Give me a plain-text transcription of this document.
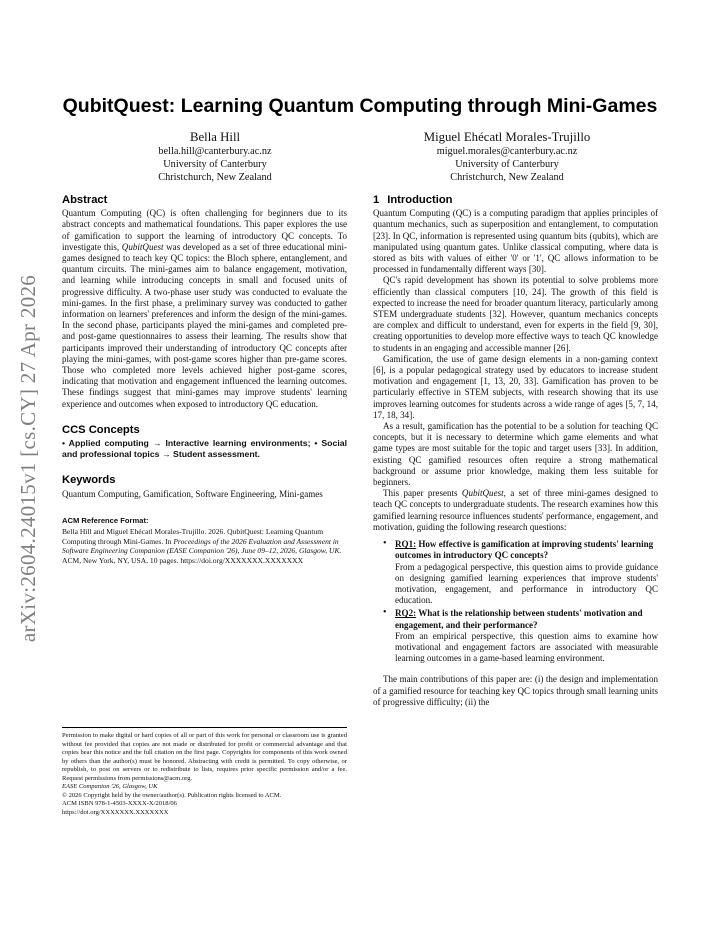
arXiv:2604.24015v1 [cs.CY] 27 Apr 2026
QubitQuest: Learning Quantum Computing through Mini-Games
Bella Hill
bella.hill@canterbury.ac.nz
University of Canterbury
Christchurch, New Zealand
Miguel Ehécatl Morales-Trujillo
miguel.morales@canterbury.ac.nz
University of Canterbury
Christchurch, New Zealand
Abstract

Quantum Computing (QC) is often challenging for beginners due to its abstract concepts and mathematical foundations. This paper explores the use of gamification to support the learning of introductory QC concepts. To investigate this, QubitQuest was developed as a set of three educational mini-games designed to teach key QC topics: the Bloch sphere, entanglement, and quantum circuits. The mini-games aim to balance engagement, motivation, and learning while introducing concepts in small and focused units of progressive difficulty. A two-phase user study was conducted to evaluate the mini-games. In the first phase, a preliminary survey was conducted to gather information on learners' preferences and inform the design of the mini-games. In the second phase, participants played the mini-games and completed pre- and post-game questionnaires to assess their learning. The results show that participants improved their understanding of introductory QC concepts after playing the mini-games, with post-game scores higher than pre-game scores. Those who completed more levels achieved higher post-game scores, indicating that motivation and engagement influenced the learning outcomes. These findings suggest that mini-games may improve students' learning experience and outcomes when exposed to introductory QC education.

CCS Concepts

• Applied computing → Interactive learning environments; • Social and professional topics → Student assessment.

Keywords

Quantum Computing, Gamification, Software Engineering, Mini-games

ACM Reference Format:

Bella Hill and Miguel Ehécatl Morales-Trujillo. 2026. QubitQuest: Learning Quantum Computing through Mini-Games. In Proceedings of the 2026 Evaluation and Assessment in Software Engineering Companion (EASE Companion '26), June 09–12, 2026, Glasgow, UK. ACM, New York, NY, USA, 10 pages. https://doi.org/XXXXXXX.XXXXXXX

Permission to make digital or hard copies of all or part of this work for personal or classroom use is granted without fee provided that copies are not made or distributed for profit or commercial advantage and that copies bear this notice and the full citation on the first page. Copyrights for components of this work owned by others than the author(s) must be honored. Abstracting with credit is permitted. To copy otherwise, or republish, to post on servers or to redistribute to lists, requires prior specific permission and/or a fee. Request permissions from permissions@acm.org.

EASE Companion '26, Glasgow, UK
© 2026 Copyright held by the owner/author(s). Publication rights licensed to ACM.
ACM ISBN 978-1-4503-XXXX-X/2018/06
https://doi.org/XXXXXXX.XXXXXXX
1 Introduction

Quantum Computing (QC) is a computing paradigm that applies principles of quantum mechanics, such as superposition and entanglement, to computation [23]. In QC, information is represented using quantum bits (qubits), which are manipulated using quantum gates. Unlike classical computing, where data is stored as bits with values of either '0' or '1', QC allows information to be processed in fundamentally different ways [30].

QC's rapid development has shown its potential to solve problems more efficiently than classical computers [10, 24]. The growth of this field is expected to increase the need for broader quantum literacy, particularly among STEM undergraduate students [32]. However, quantum mechanics concepts are complex and difficult to understand, even for experts in the field [9, 30], creating opportunities to develop more effective ways to teach QC knowledge to students in an engaging and accessible manner [26].

Gamification, the use of game design elements in a non-gaming context [6], is a popular pedagogical strategy used by educators to increase student motivation and engagement [1, 13, 20, 33]. Gamification has proven to be particularly effective in STEM subjects, with research showing that its use improves learning outcomes for students across a wide range of ages [5, 7, 14, 17, 18, 34].

As a result, gamification has the potential to be a solution for teaching QC concepts, but it is necessary to determine which game elements and what game types are most suitable for the topic and target users [33]. In addition, existing QC gamified resources often require a strong mathematical background or assume prior knowledge, making them less suitable for beginners.

This paper presents QubitQuest, a set of three mini-games designed to teach QC concepts to undergraduate students. The research examines how this gamified learning resource influences students' performance, engagement, and motivation, guiding the following research questions:

• RQ1: How effective is gamification at improving students' learning outcomes in introductory QC concepts?

From a pedagogical perspective, this question aims to provide guidance on designing gamified learning experiences that improve students' motivation, engagement, and performance in introductory QC education.

• RQ2: What is the relationship between students' motivation and engagement, and their performance?

From an empirical perspective, this question aims to examine how motivational and engagement factors are associated with measurable learning outcomes in a game-based learning environment.

The main contributions of this paper are: (i) the design and implementation of a gamified resource for teaching key QC topics through small learning units of progressive difficulty; (ii) the
